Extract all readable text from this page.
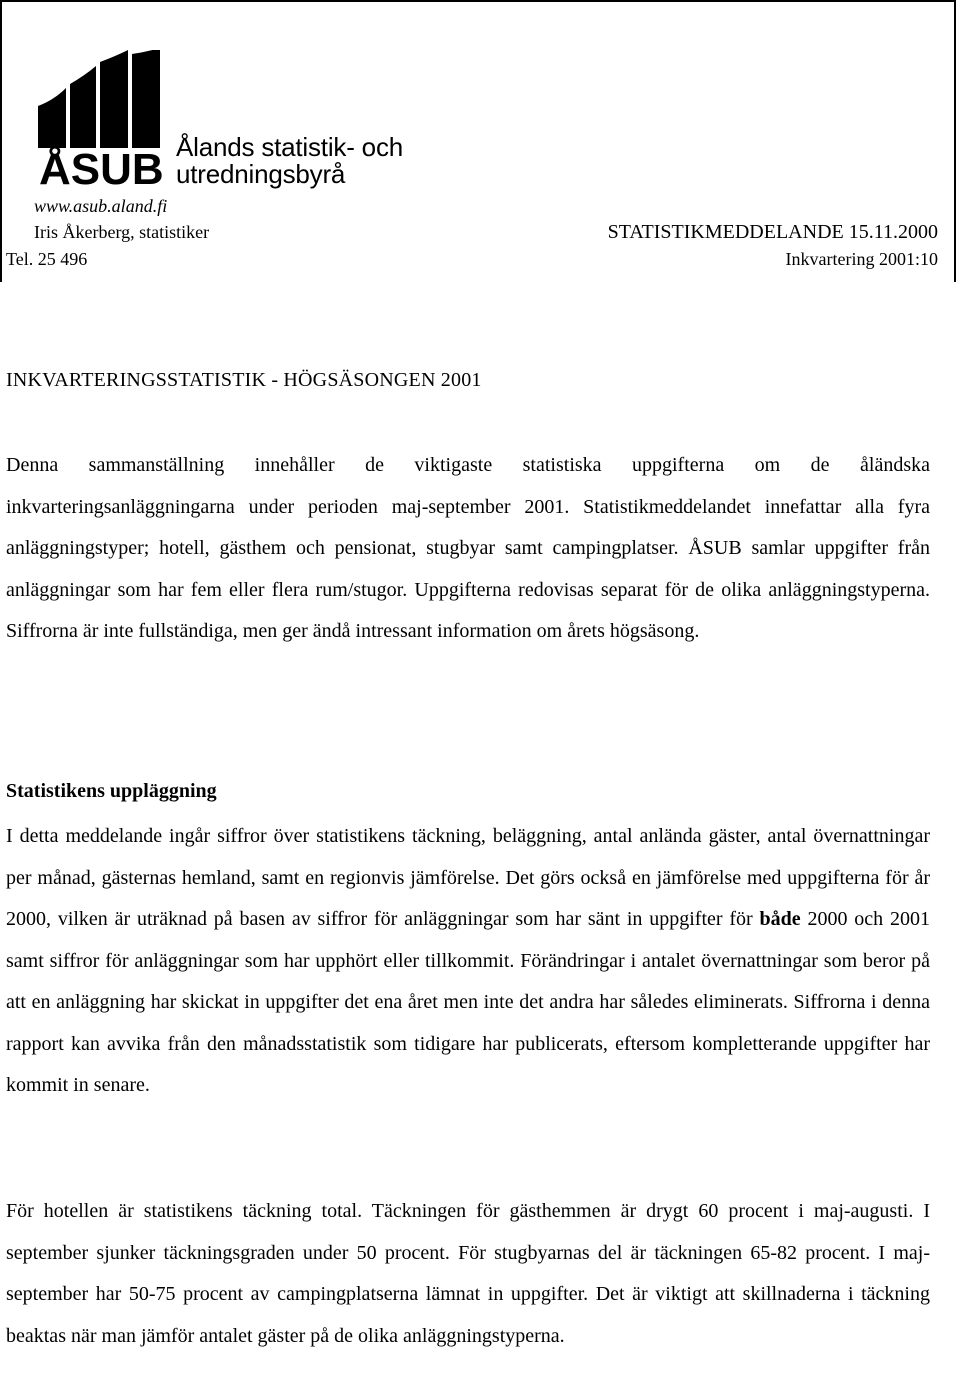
ÅSUB Ålands statistik- och
utredningsbyrå
www.asub.aland.fi
Iris Åkerberg, statistiker
Tel. 25 496
STATISTIKMEDDELANDE 15.11.2000
Inkvartering 2001:10
INKVARTERINGSSTATISTIK - HÖGSÄSONGEN 2001

Denna sammanställning innehåller de viktigaste statistiska uppgifterna om de åländska inkvarteringsanläggningarna under perioden maj-september 2001. Statistikmeddelandet innefattar alla fyra anläggningstyper; hotell, gästhem och pensionat, stugbyar samt campingplatser. ÅSUB samlar uppgifter från anläggningar som har fem eller flera rum/stugor. Uppgifterna redovisas separat för de olika anläggningstyperna. Siffrorna är inte fullständiga, men ger ändå intressant information om årets högsäsong.

Statistikens uppläggning

I detta meddelande ingår siffror över statistikens täckning, beläggning, antal anlända gäster, antal övernattningar per månad, gästernas hemland, samt en regionvis jämförelse. Det görs också en jämförelse med uppgifterna för år 2000, vilken är uträknad på basen av siffror för anläggningar som har sänt in uppgifter för både 2000 och 2001 samt siffror för anläggningar som har upphört eller tillkommit. Förändringar i antalet övernattningar som beror på att en anläggning har skickat in uppgifter det ena året men inte det andra har således eliminerats. Siffrorna i denna rapport kan avvika från den månadsstatistik som tidigare har publicerats, eftersom kompletterande uppgifter har kommit in senare.

För hotellen är statistikens täckning total. Täckningen för gästhemmen är drygt 60 procent i maj-augusti. I september sjunker täckningsgraden under 50 procent. För stugbyarnas del är täckningen 65-82 procent. I maj-september har 50-75 procent av campingplatserna lämnat in uppgifter. Det är viktigt att skillnaderna i täckning beaktas när man jämför antalet gäster på de olika anläggningstyperna.
